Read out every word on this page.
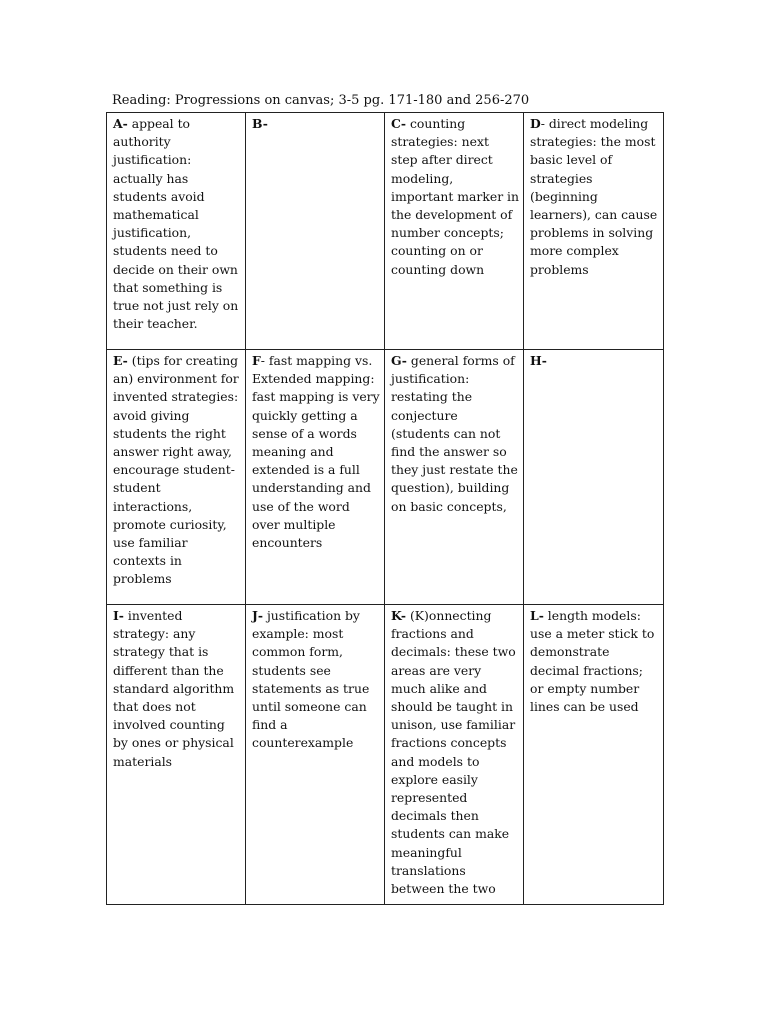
Reading: Progressions on canvas; 3-5 pg. 171-180 and 256-270
A- appeal to authority justification: actually has students avoid mathematical justification, students need to decide on their own that something is true not just rely on their teacher.	B-	C- counting strategies: next step after direct modeling, important marker in the development of number concepts; counting on or counting down	D- direct modeling strategies: the most basic level of strategies (beginning learners), can cause problems in solving more complex problems
E- (tips for creating an) environment for invented strategies: avoid giving students the right answer right away, encourage student-student interactions, promote curiosity, use familiar contexts in problems	F- fast mapping vs. Extended mapping: fast mapping is very quickly getting a sense of a words meaning and extended is a full understanding and use of the word over multiple encounters	G- general forms of justification: restating the conjecture (students can not find the answer so they just restate the question), building on basic concepts,	H-
I- invented strategy: any strategy that is different than the standard algorithm that does not involved counting by ones or physical materials	J- justification by example: most common form, students see statements as true until someone can find a counterexample	K- (K)onnecting fractions and decimals: these two areas are very much alike and should be taught in unison, use familiar fractions concepts and models to explore easily represented decimals then students can make meaningful translations between the two	L- length models: use a meter stick to demonstrate decimal fractions; or empty number lines can be used
